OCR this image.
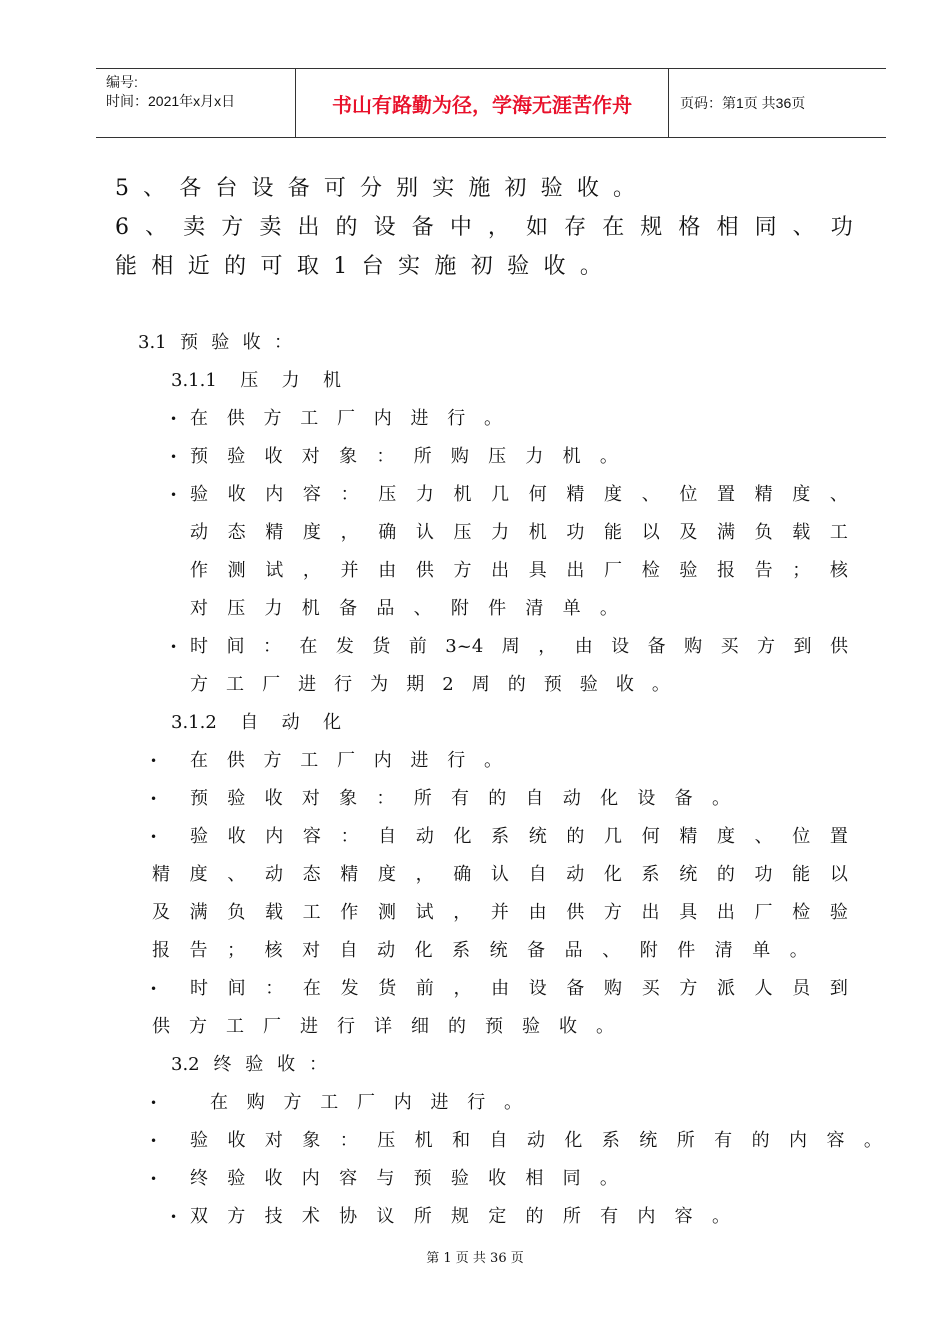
编号:
时间：2021年x月x日	书山有路勤为径，学海无涯苦作舟	页码：第1页 共36页
5 、 各 台 设 备 可 分 别 实 施 初 验 收 。
6 、 卖 方 卖 出 的 设 备 中 ， 如 存 在 规 格 相 同 、 功
能 相 近 的 可 取 1 台 实 施 初 验 收 。
3.1 预 验 收 ：
3.1.1 压 力 机
• 在 供 方 工 厂 内 进 行 。
• 预 验 收 对 象 ： 所 购 压 力 机 。
• 验 收 内 容 ： 压 力 机 几 何 精 度 、 位 置 精 度 、
动 态 精 度 ， 确 认 压 力 机 功 能 以 及 满 负 载 工
作 测 试 ， 并 由 供 方 出 具 出 厂 检 验 报 告 ； 核
对 压 力 机 备 品 、 附 件 清 单 。
• 时 间 ： 在 发 货 前 3~4 周 ， 由 设 备 购 买 方 到 供
方 工 厂 进 行 为 期 2 周 的 预 验 收 。
3.1.2 自 动 化
• 在 供 方 工 厂 内 进 行 。
• 预 验 收 对 象 ： 所 有 的 自 动 化 设 备 。
• 验 收 内 容 ： 自 动 化 系 统 的 几 何 精 度 、 位 置
精 度 、 动 态 精 度 ， 确 认 自 动 化 系 统 的 功 能 以
及 满 负 载 工 作 测 试 ， 并 由 供 方 出 具 出 厂 检 验
报 告 ； 核 对 自 动 化 系 统 备 品 、 附 件 清 单 。
• 时 间 ： 在 发 货 前 ， 由 设 备 购 买 方 派 人 员 到
供 方 工 厂 进 行 详 细 的 预 验 收 。
3.2 终 验 收 ：
•	在 购 方 工 厂 内 进 行 。
• 验 收 对 象 ： 压 机 和 自 动 化 系 统 所 有 的 内 容 。
• 终 验 收 内 容 与 预 验 收 相 同 。
• 双 方 技 术 协 议 所 规 定 的 所 有 内 容 。
第 1 页 共 36 页
